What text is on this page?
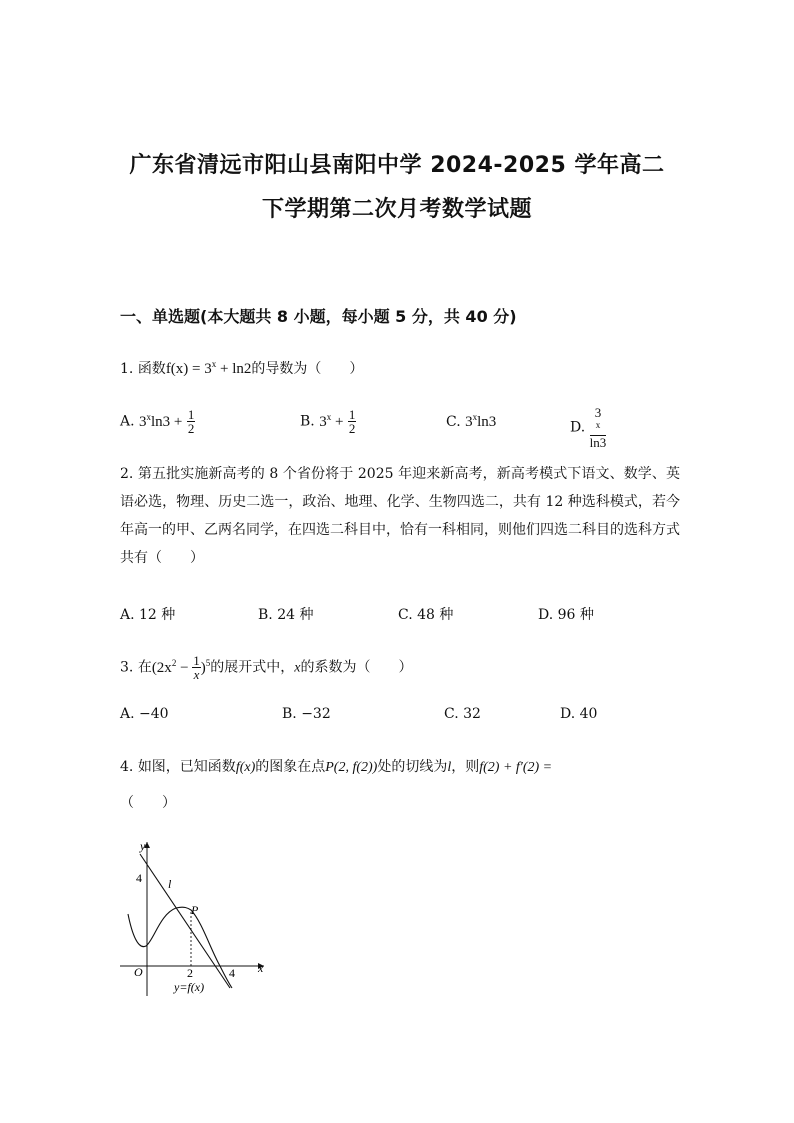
广东省清远市阳山县南阳中学 2024-2025 学年高二
下学期第二次月考数学试题
一、单选题(本大题共 8 小题，每小题 5 分，共 40 分)
1. 函数$f(x) = 3^x + \ln 2$的导数为（　　）
A. $3^x\ln 3 + \frac{1}{2}$	B. $3^x + \frac{1}{2}$	C. 3$^x$ln3	D. 3
$^x$
ln3
2. 第五批实施新高考的 8 个省份将于 2025 年迎来新高考，新高考模式下语文、数学、英语必选，物理、历史二选一，政治、地理、化学、生物四选二，共有 12 种选科模式，若今年高一的甲、乙两名同学，在四选二科目中，恰有一科相同，则他们四选二科目的选科方式共有（　　）
A. 12 种	B. 24 种	C. 48 种	D. 96 种
3. 在$(2x^2 - \frac{1}{x})^5$的展开式中，x的系数为（　　）
A. −40	B. −32	C. 32	D. 40
4. 如图，已知函数f(x)的图象在点P(2, f(2))处的切线为l，则f(2) + f′(2) =
（　　）
y
x
O
4
2	4
P
l
y=f(x)
